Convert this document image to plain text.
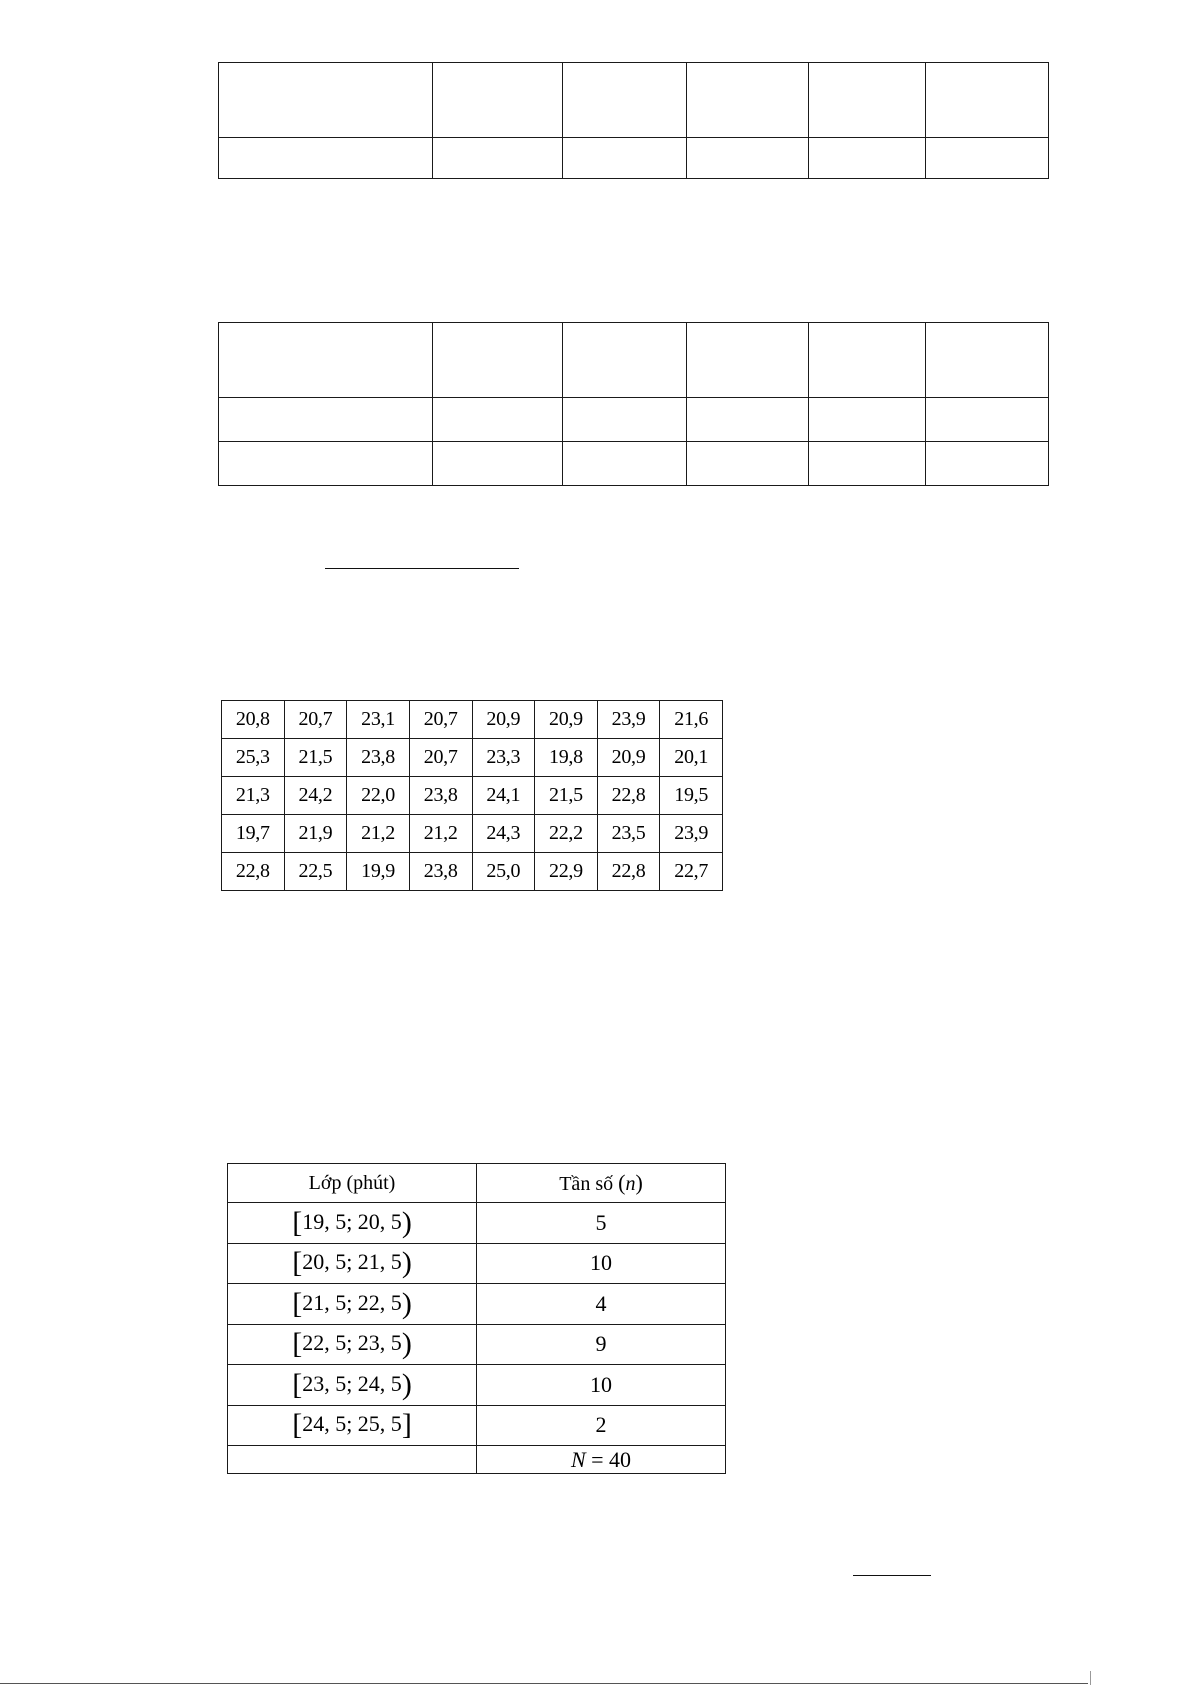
20,8	20,7	23,1	20,7	20,9	20,9	23,9	21,6
25,3	21,5	23,8	20,7	23,3	19,8	20,9	20,1
21,3	24,2	22,0	23,8	24,1	21,5	22,8	19,5
19,7	21,9	21,2	21,2	24,3	22,2	23,5	23,9
22,8	22,5	19,9	23,8	25,0	22,9	22,8	22,7
Lớp (phút)	Tần số (n)
[19, 5; 20, 5)	5
[20, 5; 21, 5)	10
[21, 5; 22, 5)	4
[22, 5; 23, 5)	9
[23, 5; 24, 5)	10
[24, 5; 25, 5]	2
	N = 40
